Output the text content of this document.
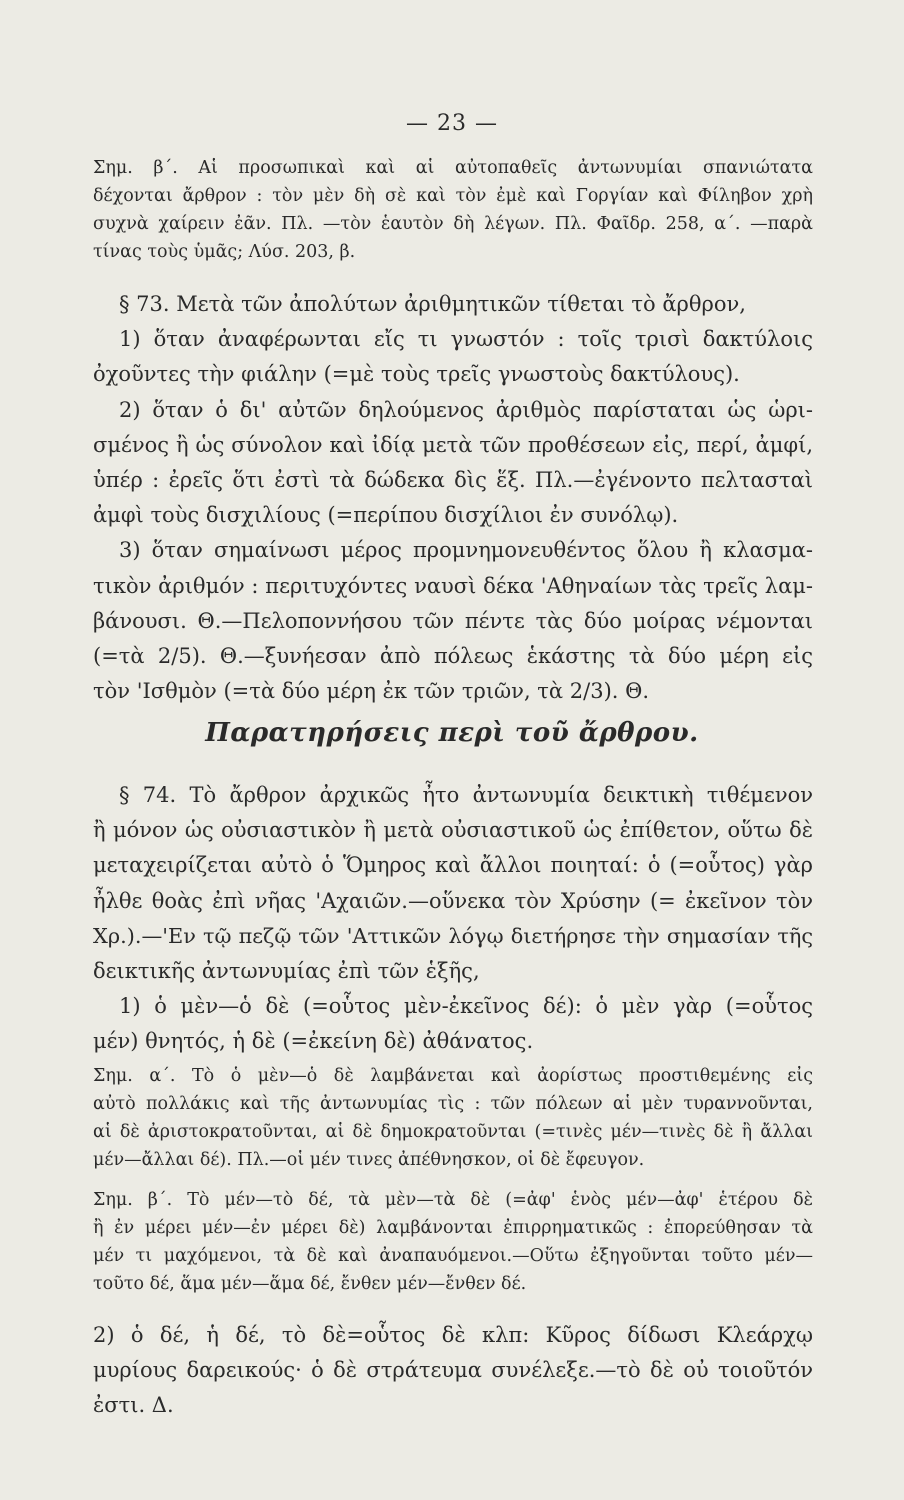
— 23 —
Σημ. β΄. Αἱ προσωπικαὶ καὶ αἱ αὐτοπαθεῖς ἀντωνυμίαι σπανιώτατα
δέχονται ἄρθρον : τὸν μὲν δὴ σὲ καὶ τὸν ἐμὲ καὶ Γοργίαν καὶ Φίληβον χρὴ
συχνὰ χαίρειν ἐᾶν. Πλ. —τὸν ἑαυτὸν δὴ λέγων. Πλ. Φαῖδρ. 258, α΄. —παρὰ
τίνας τοὺς ὑμᾶς; Λύσ. 203, β.
§ 73. Μετὰ τῶν ἀπολύτων ἀριθμητικῶν τίθεται τὸ ἄρθρον,
1) ὅταν ἀναφέρωνται εἴς τι γνωστόν : τοῖς τρισὶ δακτύλοις
ὀχοῦντες τὴν φιάλην (=μὲ τοὺς τρεῖς γνωστοὺς δακτύλους).
2) ὅταν ὁ δι' αὐτῶν δηλούμενος ἀριθμὸς παρίσταται ὡς ὡρι-
σμένος ἢ ὡς σύνολον καὶ ἰδίᾳ μετὰ τῶν προθέσεων εἰς, περί, ἀμφί,
ὑπέρ : ἐρεῖς ὅτι ἐστὶ τὰ δώδεκα δὶς ἕξ. Πλ.—ἐγένοντο πελτασταὶ
ἀμφὶ τοὺς δισχιλίους (=περίπου δισχίλιοι ἐν συνόλῳ).
3) ὅταν σημαίνωσι μέρος προμνημονευθέντος ὅλου ἢ κλασμα-
τικὸν ἀριθμόν : περιτυχόντες ναυσὶ δέκα 'Αθηναίων τὰς τρεῖς λαμ-
βάνουσι. Θ.—Πελοποννήσου τῶν πέντε τὰς δύο μοίρας νέμονται
(=τὰ 2/5). Θ.—ξυνήεσαν ἀπὸ πόλεως ἑκάστης τὰ δύο μέρη εἰς
τὸν 'Ισθμὸν (=τὰ δύο μέρη ἐκ τῶν τριῶν, τὰ 2/3). Θ.
Παρατηρήσεις περὶ τοῦ ἄρθρου.
§ 74. Τὸ ἄρθρον ἀρχικῶς ἦτο ἀντωνυμία δεικτικὴ τιθέμενον
ἢ μόνον ὡς οὐσιαστικὸν ἢ μετὰ οὐσιαστικοῦ ὡς ἐπίθετον, οὕτω δὲ
μεταχειρίζεται αὐτὸ ὁ Ὅμηρος καὶ ἄλλοι ποιηταί: ὁ (=οὗτος) γὰρ
ἦλθε θοὰς ἐπὶ νῆας 'Αχαιῶν.—οὕνεκα τὸν Χρύσην (= ἐκεῖνον τὸν
Χρ.).—'Εν τῷ πεζῷ τῶν 'Αττικῶν λόγῳ διετήρησε τὴν σημασίαν τῆς
δεικτικῆς ἀντωνυμίας ἐπὶ τῶν ἑξῆς,
1) ὁ μὲν—ὁ δὲ (=οὗτος μὲν-ἐκεῖνος δέ): ὁ μὲν γὰρ (=οὗτος
μέν) θνητός, ἡ δὲ (=ἐκείνη δὲ) ἀθάνατος.
Σημ. α΄. Τὸ ὁ μὲν—ὁ δὲ λαμβάνεται καὶ ἀορίστως προστιθεμένης εἰς
αὐτὸ πολλάκις καὶ τῆς ἀντωνυμίας τὶς : τῶν πόλεων αἱ μὲν τυραννοῦνται,
αἱ δὲ ἀριστοκρατοῦνται, αἱ δὲ δημοκρατοῦνται (=τινὲς μέν—τινὲς δὲ ἢ ἄλλαι
μέν—ἄλλαι δέ). Πλ.—οἱ μέν τινες ἀπέθνησκον, οἱ δὲ ἔφευγον.
Σημ. β΄. Τὸ μέν—τὸ δέ, τὰ μὲν—τὰ δὲ (=ἀφ' ἑνὸς μέν—ἀφ' ἑτέρου δὲ
ἢ ἐν μέρει μέν—ἐν μέρει δὲ) λαμβάνονται ἐπιρρηματικῶς : ἐπορεύθησαν τὰ
μέν τι μαχόμενοι, τὰ δὲ καὶ ἀναπαυόμενοι.—Οὕτω ἐξηγοῦνται τοῦτο μέν—
τοῦτο δέ, ἅμα μέν—ἅμα δέ, ἔνθεν μέν—ἔνθεν δέ.
2) ὁ δέ, ἡ δέ, τὸ δὲ=οὗτος δὲ κλπ: Κῦρος δίδωσι Κλεάρχῳ
μυρίους δαρεικούς· ὁ δὲ στράτευμα συνέλεξε.—τὸ δὲ οὐ τοιοῦτόν
ἐστι. Δ.
